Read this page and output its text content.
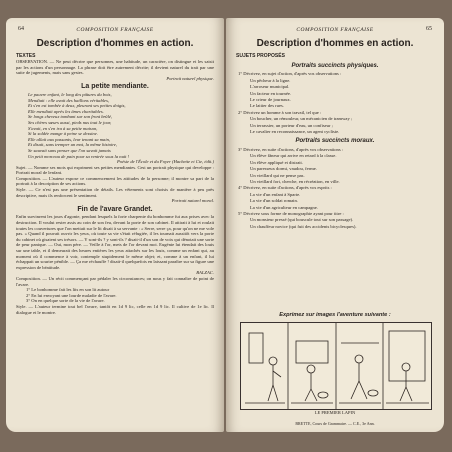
64	COMPOSITION FRANÇAISE
Description d'hommes en action.
TEXTES
OBSERVATION. — Ne peut décrire que personnes, une habitude, un caractère, on distingue et les saisit par les actions d'un personnage. La phrase doit être autrement décrite; il devient naturel du trait par une suite de jugements, mais sans gestes.
Portrait naturel physique.
La petite mendiante.
Le pauvre enfant, le long des pâtures du bois,
Mendiait : elle avait des haillons véritables,
Et s'en est tombée à deux, pleurant ses petites doigts,
Elle mendiait après les âmes charitables.
Se longs cheveux tombant sur son front brûlé,
Ses chères sœurs aussi, pieds nus tout le jour,
S'avait, en s'en ira à sa petite maison,
Si la soldée mange à peine se dessine.
Elle allait aux passants, leur tenant sa main,
Et disait, sans tremper un mot, la même histoire,
Se sauvait sans penser que l'on savait jamais
Un petit morceau de pain pour sa rentrée sous la nuit !
Poésie de l'École et du Foyer (Hachette et Cie, édit.)
Sujet. — Nomme ses mots qui expriment ses petites mendiantes. Cest un portrait physique qui developpe : Portrait moral de lenfant.
Composition. — L'auteur expose ce commencement les attitudes de la personne; il montre sa part de la portrait à la description de ses actions.
Style. — Ce n'est pas une présentation de détails. Les vêtements sont choisis de manière à peu près descriptive, mais ils renforcent le sentiment.
Portrait naturel moral.
Fin de l'avare Grandet.
Enfin survinrent les jours d'agonie, pendant lesquels la forte charpente du bonhomme fut aux prises avec la destruction. Il voulut rester assis au coin de son feu, devant la porte de son cabinet. Il attirait à lui et roulait toutes les couvertures que l'on mettait sur le lit disait à sa servante : « Serre, serre ça, pour qu'on ne me vole pas. » Quand il pouvait ouvrir les yeux, où toute sa vie s'était réfugiée, il les tournait aussitôt vers la porte du cabinet où gisaient ses trésors. — Y sont-ils ? y sont-ils ? disait-il d'un son de voix qui dénotait une sorte de peur panique. — Oui, mon père. — Veille à l'or, mets de l'or devant moi. Eugénie lui étendait des louis sur une table, et il demeurait des heures entières les yeux attachés sur les louis, comme un enfant qui, au moment où il commence à voir, contemple stupidement le même objet; et, comme à un enfant, il lui échappait un sourire pénible. — Ça me réchauffe ! disait-il quelquefois en laissant paraître sur sa figure une expression de béatitude.
BALZAC.
Composition. — Un récit commençant par pédaler les circonstances; on nous y fait connaître de point de l'avare.
1° Le bonhomme fait les lits en son lit autour
2° En lui envoyant une lourde maladie de l'avare.
3° On en quelque sorte de la vie de l'avare.
Style. — L'auteur termine tout bel l'avare, tantôt en 1d 9 lic, celle en 1d 9 lic. Il cultive de 1e lic. Il dialogue et le montre.
65
COMPOSITION FRANÇAISE
Description d'hommes en action.
SUJETS PROPOSÉS
Portraits succincts physiques.
1° Décrivez, en sujet d'action, d'après vos observations :
Un pêcheur à la ligne.
L'arroseur municipal.
Un facteur en tournée.
Le crieur de journaux.
Le laitier des rues.
2° Décrivez un homme à son travail, tel que :
Un boucher, un rémouleur, un mécanicien de tramway ;
Un terrassier, un porteur d'eau, un confiseur ;
Le cavalier en reconnaissance, un agent cycliste.
Portraits succincts moraux.
3° Décrivez, en suite d'actions, d'après vos observations :
Un élève fâneur qui arrive en retard à la classe.
Un élève appliqué et distrait.
Un paresseux dormi, vaudou, ferme.
Un vieillard qui ne pense pas.
Un vieillard fort, cherche, en récréation, en ville.
4° Décrivez, en suite d'actions, d'après vos esprits :
La vie d'un enfant à Sparte.
La vie d'un soldat romain.
La vie d'un agriculteur en campagne.
5° Décrivez sous forme de monographie ayant pour titre :
Un monsieur pressé (qui bouscule tout sur son passage).
Un chauffeur novice (qui fuit des accidents bicyclesques).
Exprimez sur images l'aventure suivante :
LE PREMIER LAPIN
BRETTE, Cours de Grammaire. — C.E., 3e Ann.
